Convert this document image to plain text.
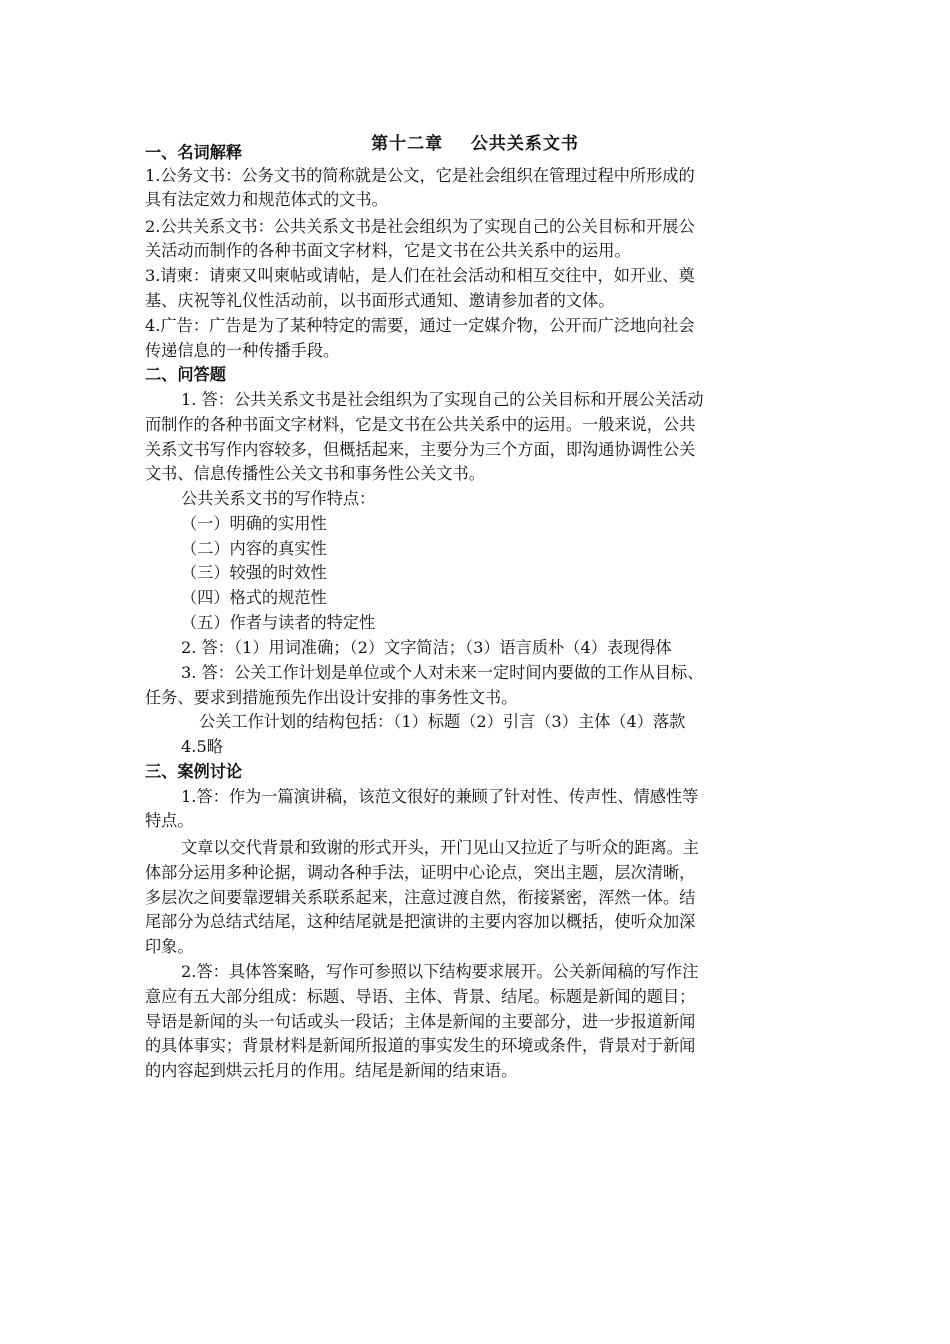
第十二章    公共关系文书
一、名词解释
1.公务文书：公务文书的简称就是公文，它是社会组织在管理过程中所形成的
具有法定效力和规范体式的文书。
2.公共关系文书：公共关系文书是社会组织为了实现自己的公关目标和开展公
关活动而制作的各种书面文字材料，它是文书在公共关系中的运用。
3.请柬：请柬又叫柬帖或请帖，是人们在社会活动和相互交往中，如开业、奠
基、庆祝等礼仪性活动前，以书面形式通知、邀请参加者的文体。
4.广告：广告是为了某种特定的需要，通过一定媒介物，公开而广泛地向社会
传递信息的一种传播手段。
二、问答题
1. 答：公共关系文书是社会组织为了实现自己的公关目标和开展公关活动
而制作的各种书面文字材料，它是文书在公共关系中的运用。一般来说，公共
关系文书写作内容较多，但概括起来，主要分为三个方面，即沟通协调性公关
文书、信息传播性公关文书和事务性公关文书。
公共关系文书的写作特点：
（一）明确的实用性
（二）内容的真实性
（三）较强的时效性
（四）格式的规范性
（五）作者与读者的特定性
2. 答：（1）用词准确；（2）文字简洁；（3）语言质朴（4）表现得体
3. 答：公关工作计划是单位或个人对未来一定时间内要做的工作从目标、
任务、要求到措施预先作出设计安排的事务性文书。
公关工作计划的结构包括：（1）标题（2）引言（3）主体（4）落款
4.5略
三、案例讨论
1.答：作为一篇演讲稿，该范文很好的兼顾了针对性、传声性、情感性等
特点。
文章以交代背景和致谢的形式开头，开门见山又拉近了与听众的距离。主
体部分运用多种论据，调动各种手法，证明中心论点，突出主题，层次清晰，
多层次之间要靠逻辑关系联系起来，注意过渡自然，衔接紧密，浑然一体。结
尾部分为总结式结尾，这种结尾就是把演讲的主要内容加以概括，使听众加深
印象。
2.答：具体答案略，写作可参照以下结构要求展开。公关新闻稿的写作注
意应有五大部分组成：标题、导语、主体、背景、结尾。标题是新闻的题目；
导语是新闻的头一句话或头一段话；主体是新闻的主要部分，进一步报道新闻
的具体事实；背景材料是新闻所报道的事实发生的环境或条件，背景对于新闻
的内容起到烘云托月的作用。结尾是新闻的结束语。
